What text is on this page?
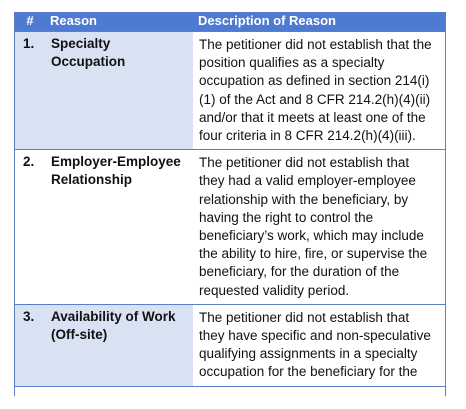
#	Reason	Description of Reason
1.	Specialty Occupation	The petitioner did not establish that the position qualifies as a specialty occupation as defined in section 214(i)(1) of the Act and 8 CFR 214.2(h)(4)(ii) and/or that it meets at least one of the four criteria in 8 CFR 214.2(h)(4)(iii).
2.	Employer-Employee Relationship	The petitioner did not establish that they had a valid employer-employee relationship with the beneficiary, by having the right to control the beneficiary’s work, which may include the ability to hire, fire, or supervise the beneficiary, for the duration of the requested validity period.
3.	Availability of Work (Off-site)	The petitioner did not establish that they have specific and non-speculative qualifying assignments in a specialty occupation for the beneficiary for the
